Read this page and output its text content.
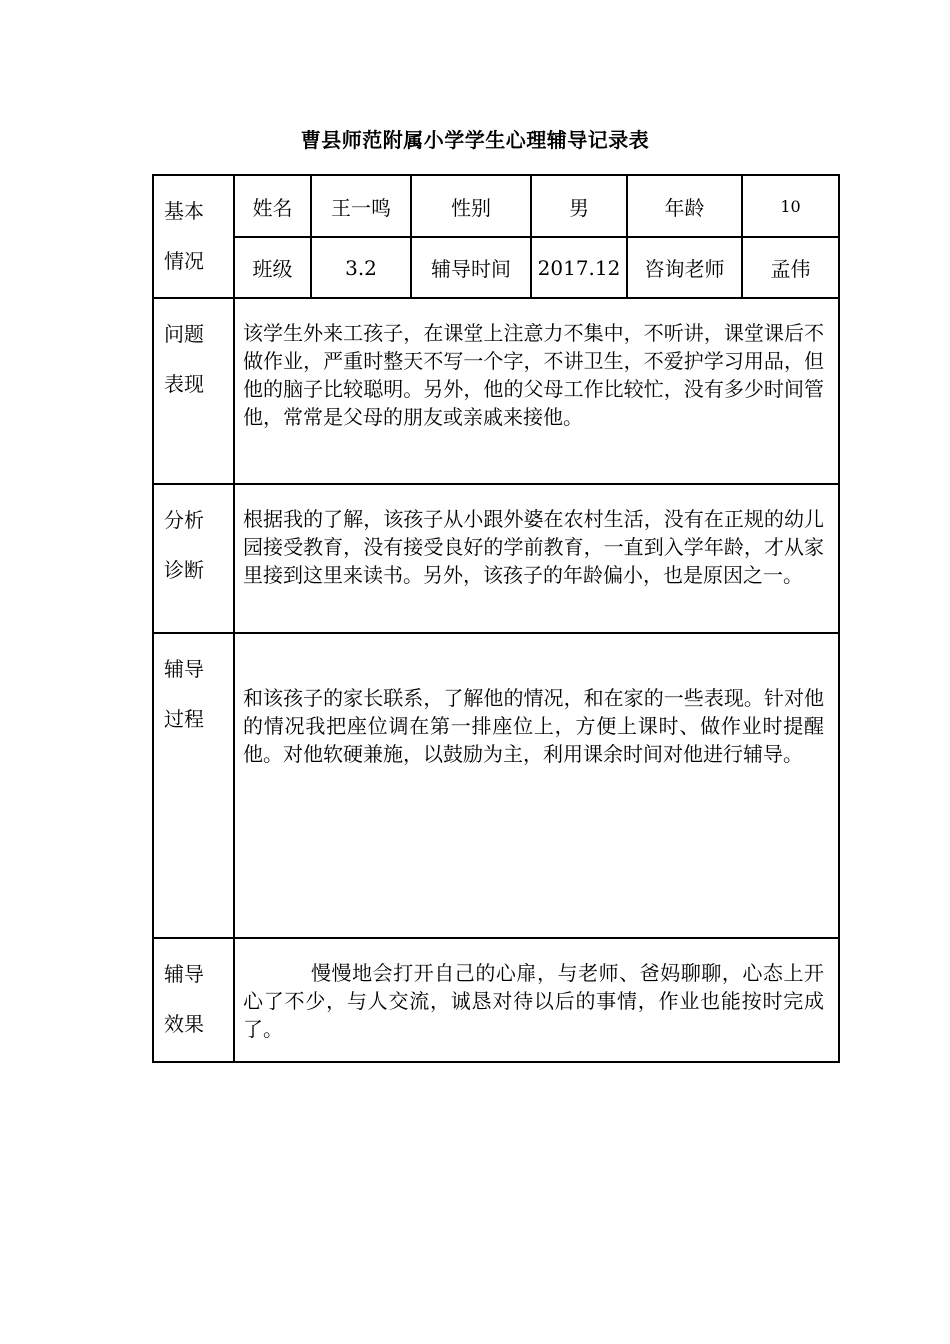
曹县师范附属小学学生心理辅导记录表
基本
情况	姓名	王一鸣	性别	男	年龄	10
	班级	3.2	辅导时间	2017.12	咨询老师	孟伟

问题
表现	该学生外来工孩子，在课堂上注意力不集中，不听讲，课堂课后不做作业，严重时整天不写一个字，不讲卫生，不爱护学习用品，但他的脑子比较聪明。另外，他的父母工作比较忙，没有多少时间管他，常常是父母的朋友或亲戚来接他。					

分析
诊断	根据我的了解，该孩子从小跟外婆在农村生活，没有在正规的幼儿园接受教育，没有接受良好的学前教育，一直到入学年龄，才从家里接到这里来读书。另外，该孩子的年龄偏小，也是原因之一。					

辅导
过程	和该孩子的家长联系，了解他的情况，和在家的一些表现。针对他的情况我把座位调在第一排座位上，方便上课时、做作业时提醒他。对他软硬兼施，以鼓励为主，利用课余时间对他进行辅导。					

辅导
效果	慢慢地会打开自己的心扉，与老师、爸妈聊聊，心态上开心了不少，与人交流，诚恳对待以后的事情，作业也能按时完成了。					
